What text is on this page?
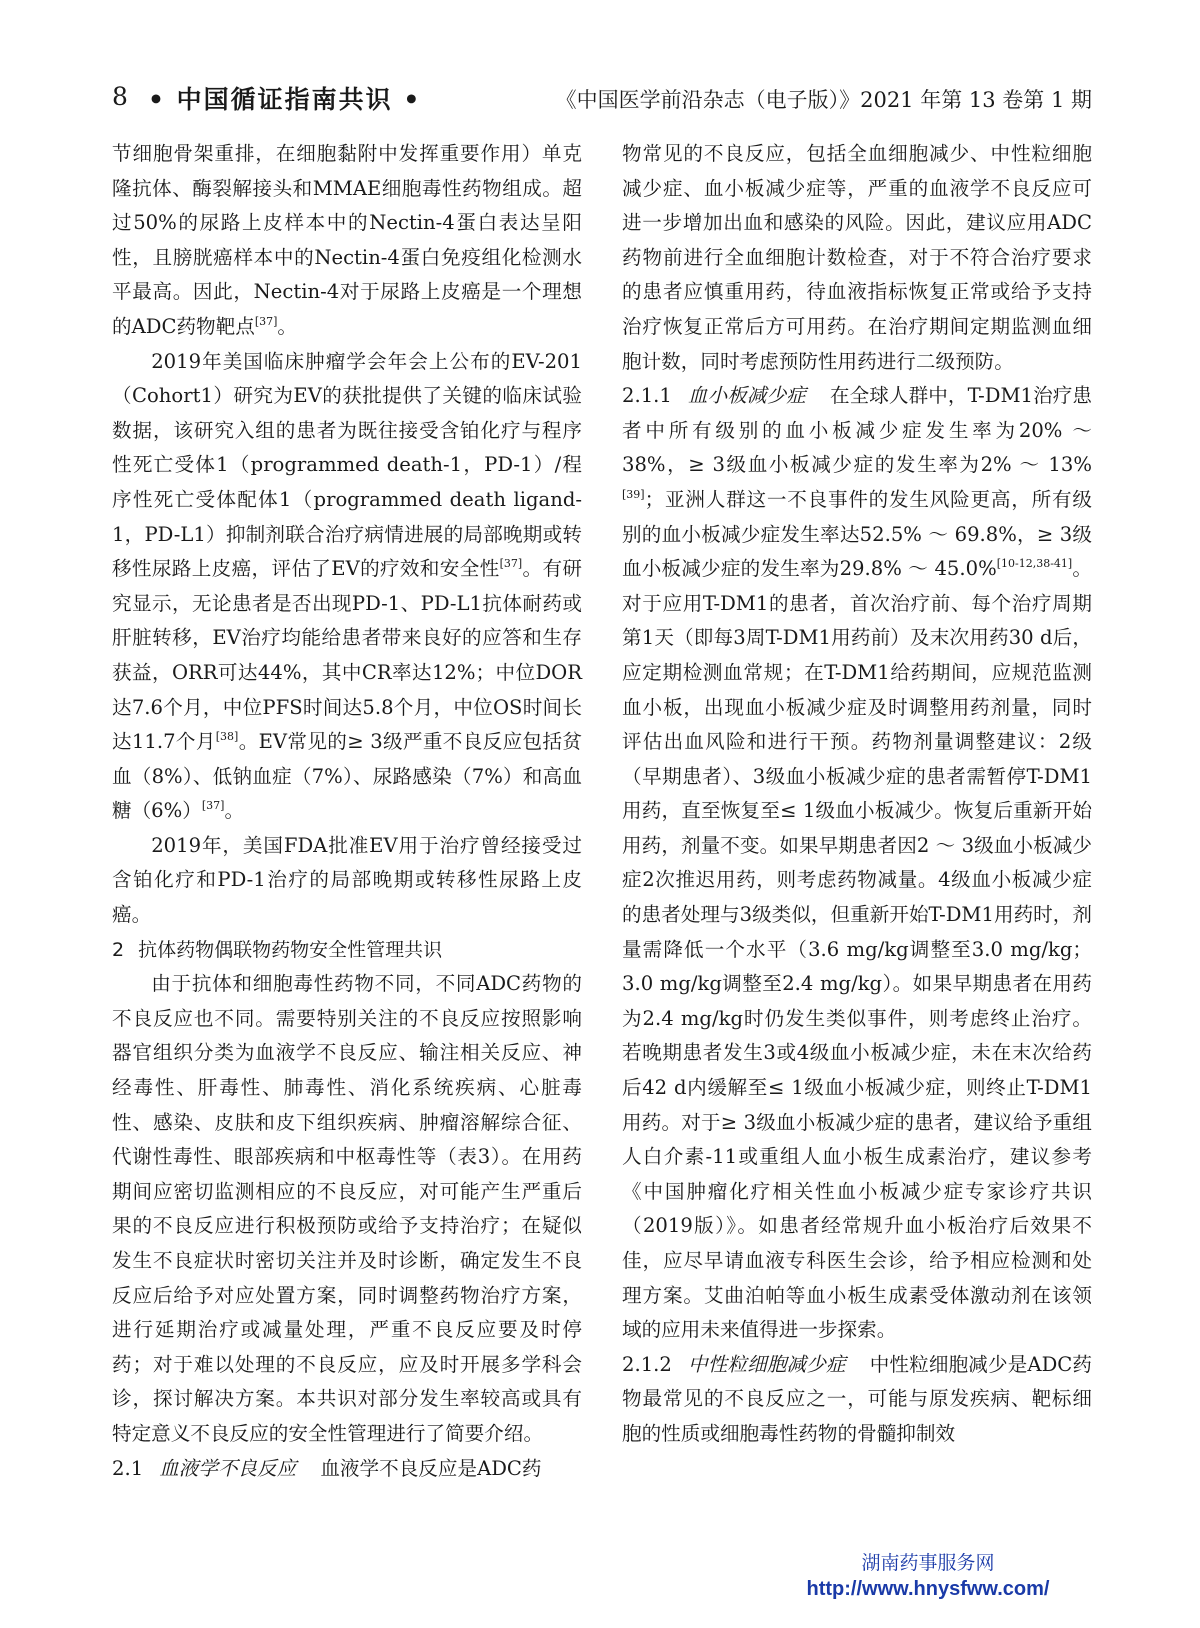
8 • 中国循证指南共识 •	《中国医学前沿杂志（电子版）》2021 年第 13 卷第 1 期

节细胞骨架重排，在细胞黏附中发挥重要作用）单克隆抗体、酶裂解接头和MMAE细胞毒性药物组成。超过50%的尿路上皮样本中的Nectin-4蛋白表达呈阳性，且膀胱癌样本中的Nectin-4蛋白免疫组化检测水平最高。因此，Nectin-4对于尿路上皮癌是一个理想的ADC药物靶点[37]。

2019年美国临床肿瘤学会年会上公布的EV-201（Cohort1）研究为EV的获批提供了关键的临床试验数据，该研究入组的患者为既往接受含铂化疗与程序性死亡受体1（programmed death-1，PD-1）/程序性死亡受体配体1（programmed death ligand-1，PD-L1）抑制剂联合治疗病情进展的局部晚期或转移性尿路上皮癌，评估了EV的疗效和安全性[37]。有研究显示，无论患者是否出现PD-1、PD-L1抗体耐药或肝脏转移，EV治疗均能给患者带来良好的应答和生存获益，ORR可达44%，其中CR率达12%；中位DOR达7.6个月，中位PFS时间达5.8个月，中位OS时间长达11.7个月[38]。EV常见的≥ 3级严重不良反应包括贫血（8%）、低钠血症（7%）、尿路感染（7%）和高血糖（6%）[37]。

2019年，美国FDA批准EV用于治疗曾经接受过含铂化疗和PD-1治疗的局部晚期或转移性尿路上皮癌。

2 抗体药物偶联物药物安全性管理共识

由于抗体和细胞毒性药物不同，不同ADC药物的不良反应也不同。需要特别关注的不良反应按照影响器官组织分类为血液学不良反应、输注相关反应、神经毒性、肝毒性、肺毒性、消化系统疾病、心脏毒性、感染、皮肤和皮下组织疾病、肿瘤溶解综合征、代谢性毒性、眼部疾病和中枢毒性等（表3）。在用药期间应密切监测相应的不良反应，对可能产生严重后果的不良反应进行积极预防或给予支持治疗；在疑似发生不良症状时密切关注并及时诊断，确定发生不良反应后给予对应处置方案，同时调整药物治疗方案，进行延期治疗或减量处理，严重不良反应要及时停药；对于难以处理的不良反应，应及时开展多学科会诊，探讨解决方案。本共识对部分发生率较高或具有特定意义不良反应的安全性管理进行了简要介绍。

2.1 血液学不良反应 血液学不良反应是ADC药

物常见的不良反应，包括全血细胞减少、中性粒细胞减少症、血小板减少症等，严重的血液学不良反应可进一步增加出血和感染的风险。因此，建议应用ADC药物前进行全血细胞计数检查，对于不符合治疗要求的患者应慎重用药，待血液指标恢复正常或给予支持治疗恢复正常后方可用药。在治疗期间定期监测血细胞计数，同时考虑预防性用药进行二级预防。

2.1.1 血小板减少症 在全球人群中，T-DM1治疗患者中所有级别的血小板减少症发生率为20% ～ 38%，≥ 3级血小板减少症的发生率为2% ～ 13%[39]；亚洲人群这一不良事件的发生风险更高，所有级别的血小板减少症发生率达52.5% ～ 69.8%，≥ 3级血小板减少症的发生率为29.8% ～ 45.0%[10-12,38-41]。对于应用T-DM1的患者，首次治疗前、每个治疗周期第1天（即每3周T-DM1用药前）及末次用药30 d后，应定期检测血常规；在T-DM1给药期间，应规范监测血小板，出现血小板减少症及时调整用药剂量，同时评估出血风险和进行干预。药物剂量调整建议：2级（早期患者）、3级血小板减少症的患者需暂停T-DM1用药，直至恢复至≤ 1级血小板减少。恢复后重新开始用药，剂量不变。如果早期患者因2 ～ 3级血小板减少症2次推迟用药，则考虑药物减量。4级血小板减少症的患者处理与3级类似，但重新开始T-DM1用药时，剂量需降低一个水平（3.6 mg/kg调整至3.0 mg/kg；3.0 mg/kg调整至2.4 mg/kg）。如果早期患者在用药为2.4 mg/kg时仍发生类似事件，则考虑终止治疗。若晚期患者发生3或4级血小板减少症，未在末次给药后42 d内缓解至≤ 1级血小板减少症，则终止T-DM1用药。对于≥ 3级血小板减少症的患者，建议给予重组人白介素-11或重组人血小板生成素治疗，建议参考《中国肿瘤化疗相关性血小板减少症专家诊疗共识（2019版）》。如患者经常规升血小板治疗后效果不佳，应尽早请血液专科医生会诊，给予相应检测和处理方案。艾曲泊帕等血小板生成素受体激动剂在该领域的应用未来值得进一步探索。

2.1.2 中性粒细胞减少症 中性粒细胞减少是ADC药物最常见的不良反应之一，可能与原发疾病、靶标细胞的性质或细胞毒性药物的骨髓抑制效

湖南药事服务网
http://www.hnysfww.com/
